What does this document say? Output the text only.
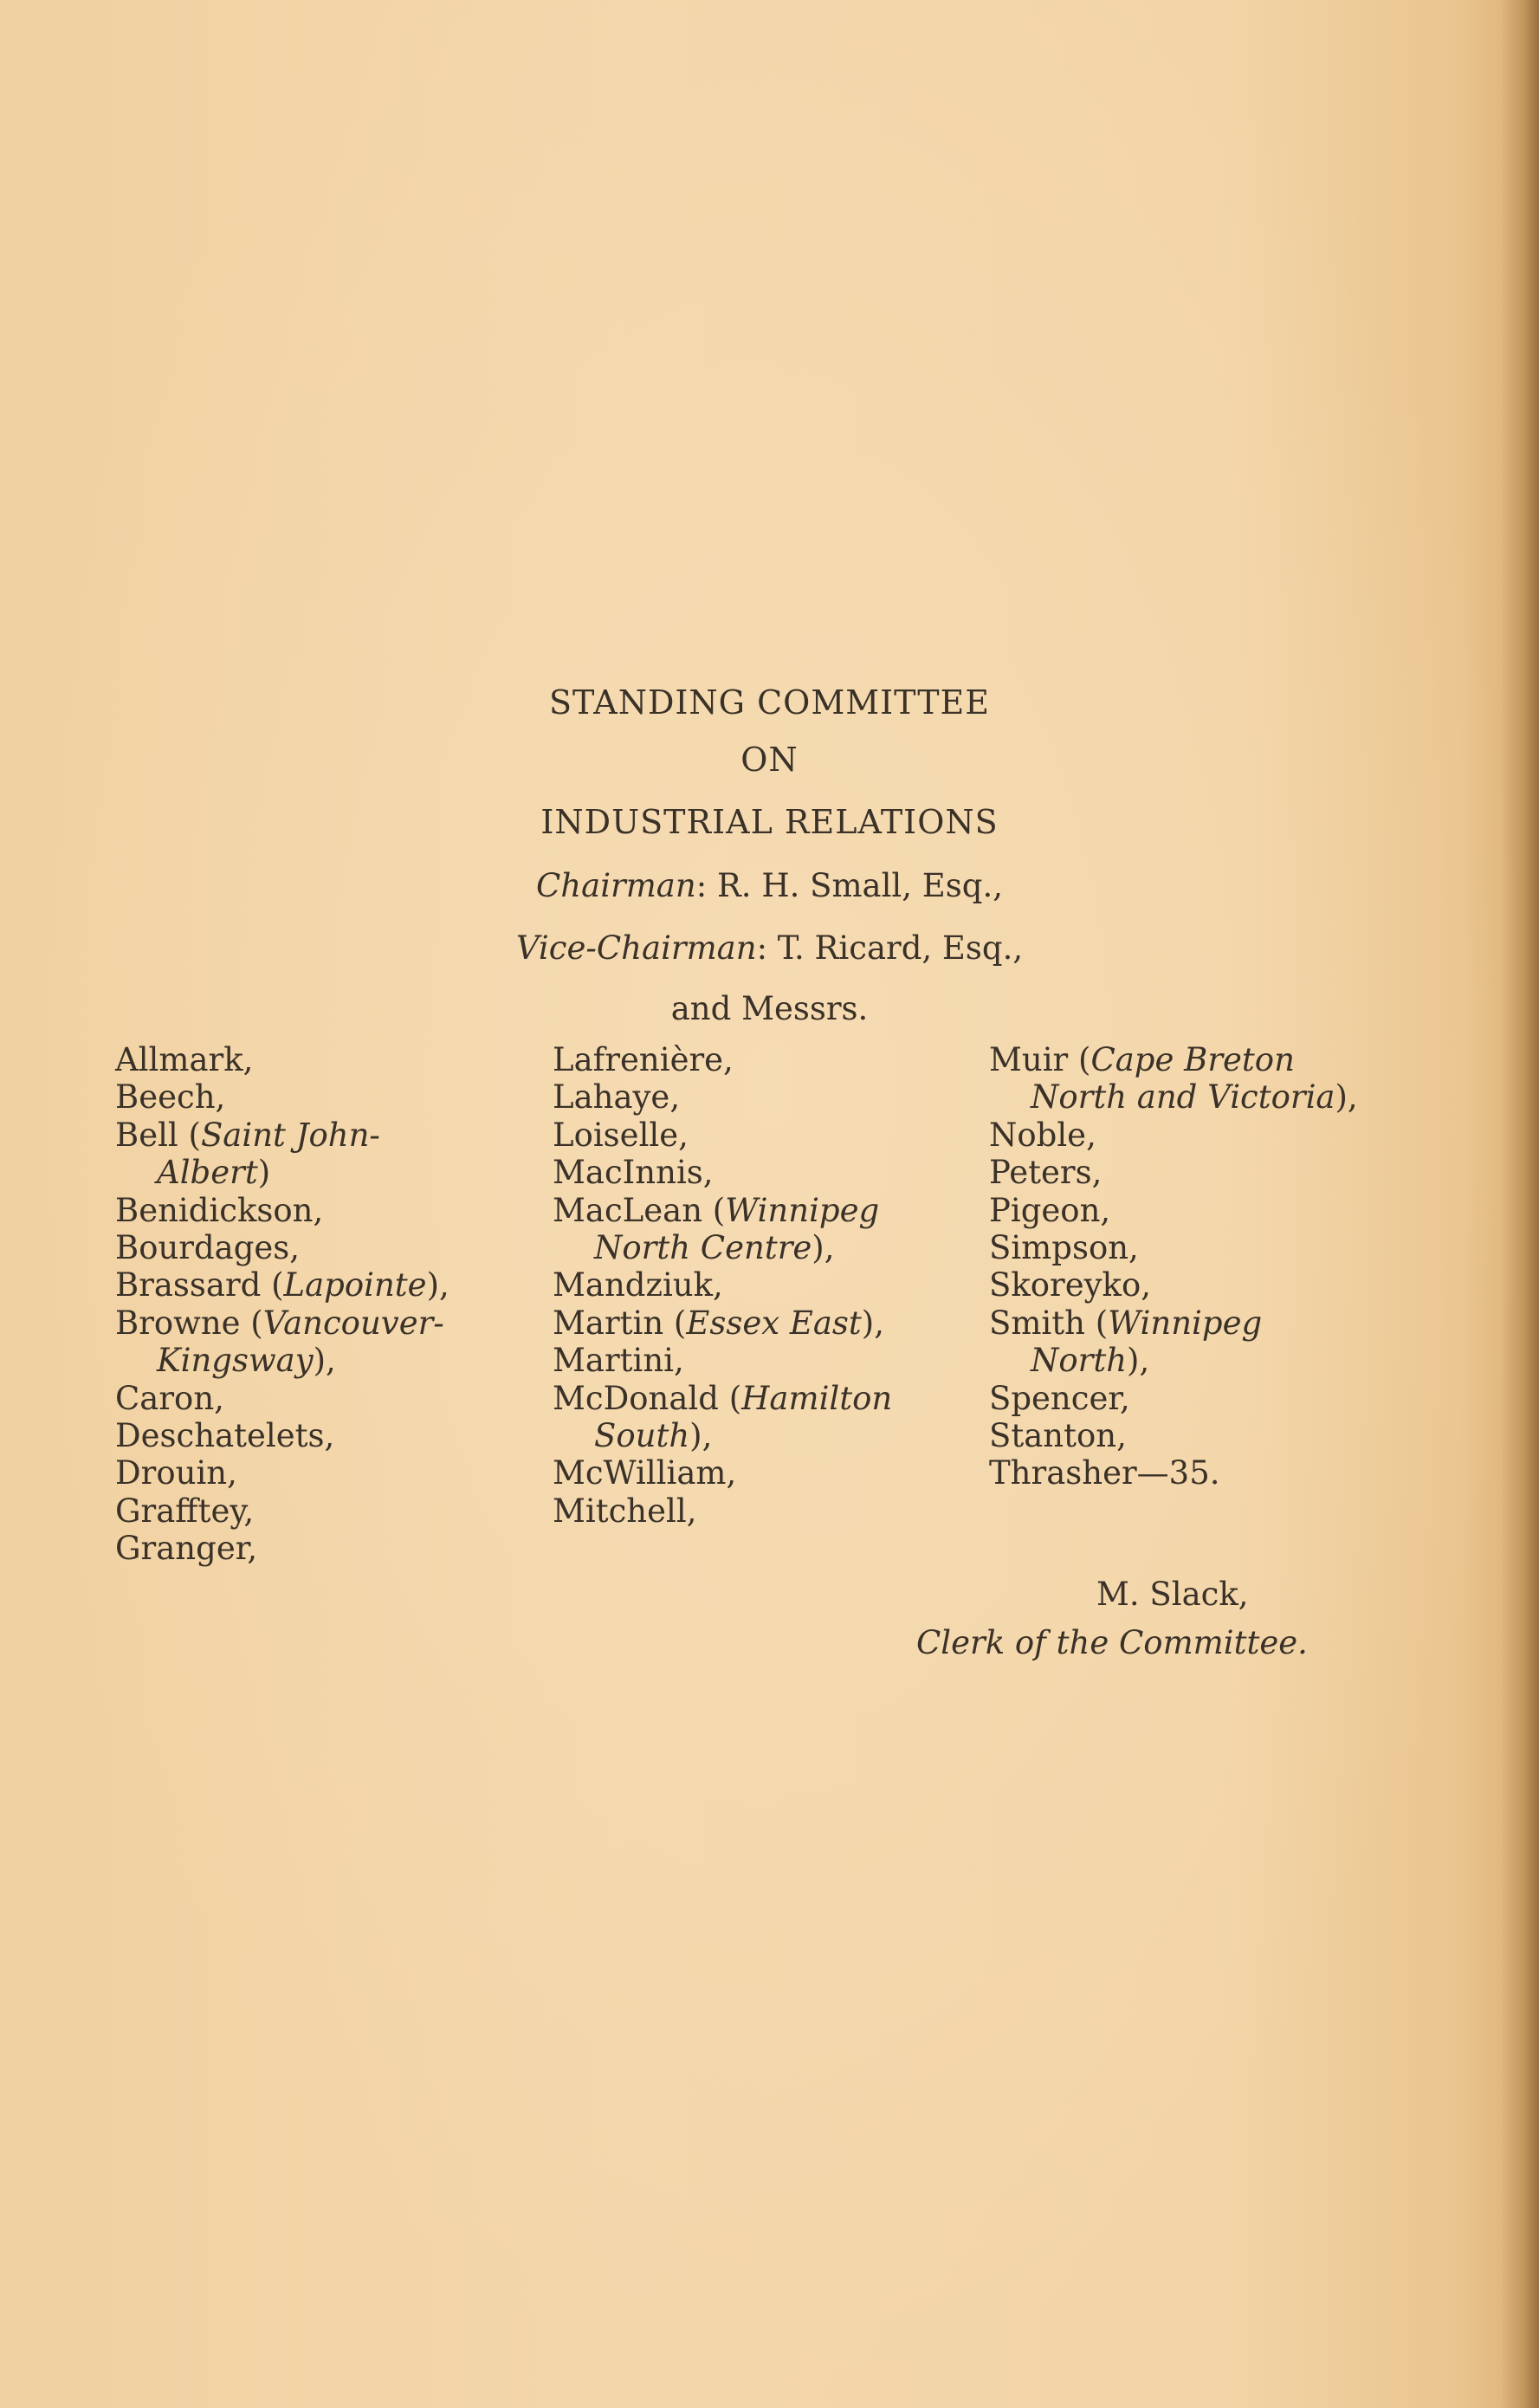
STANDING COMMITTEE
ON
INDUSTRIAL RELATIONS
Chairman: R. H. Small, Esq.,
Vice-Chairman: T. Ricard, Esq.,
and Messrs.
Allmark,
Beech,
Bell (Saint John-
Albert)
Benidickson,
Bourdages,
Brassard (Lapointe),
Browne (Vancouver-
Kingsway),
Caron,
Deschatelets,
Drouin,
Grafftey,
Granger,
Lafrenière,
Lahaye,
Loiselle,
MacInnis,
MacLean (Winnipeg
North Centre),
Mandziuk,
Martin (Essex East),
Martini,
McDonald (Hamilton
South),
McWilliam,
Mitchell,
Muir (Cape Breton
North and Victoria),
Noble,
Peters,
Pigeon,
Simpson,
Skoreyko,
Smith (Winnipeg
North),
Spencer,
Stanton,
Thrasher—35.
M. Slack,
Clerk of the Committee.
